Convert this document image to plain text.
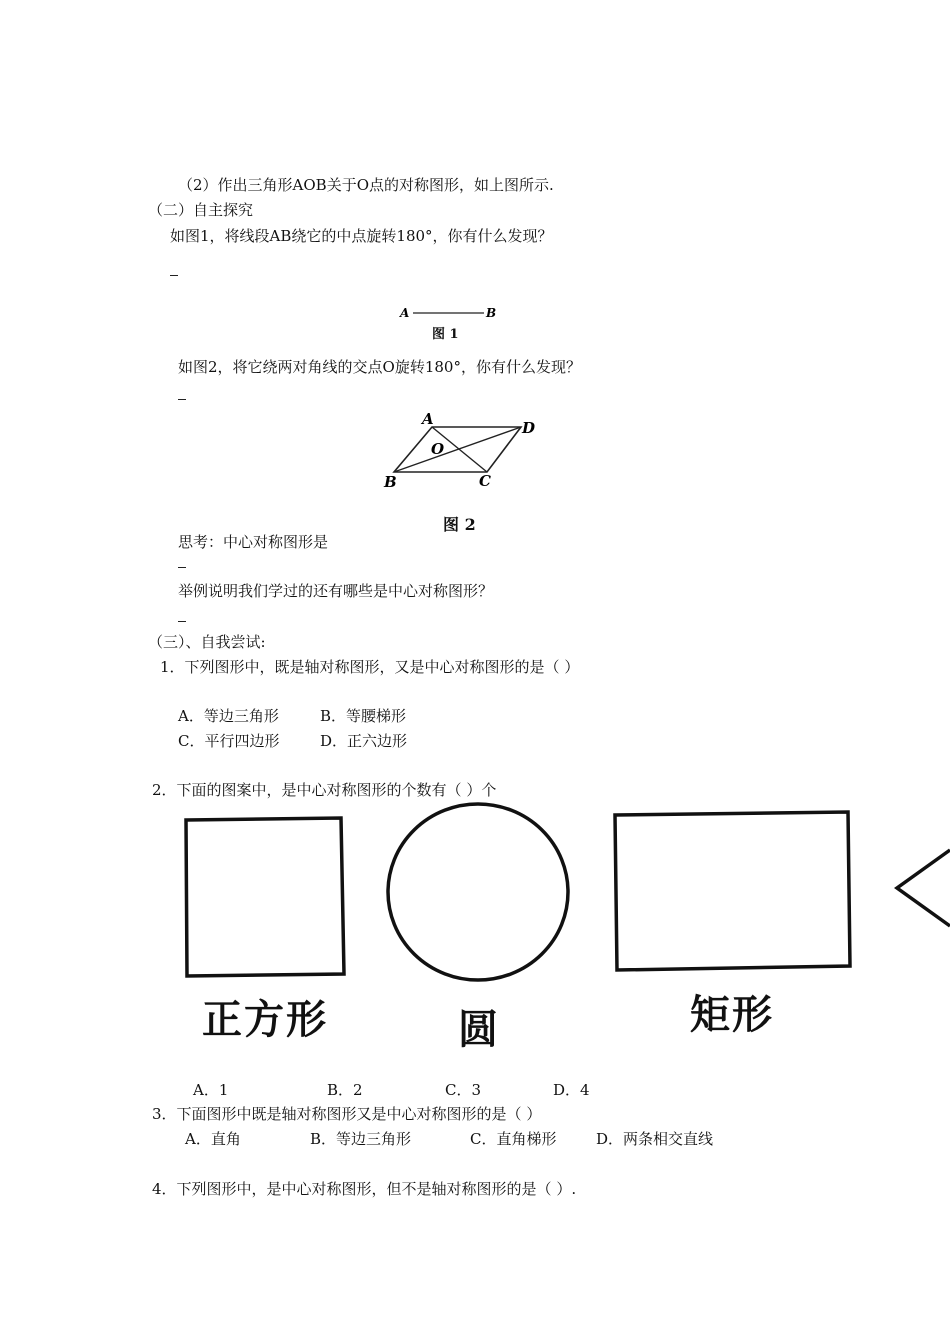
（2）作出三角形AOB关于O点的对称图形，如上图所示.
（二）自主探究
如图1，将线段AB绕它的中点旋转180°，你有什么发现？
A	B
图 1
如图2，将它绕两对角线的交点O旋转180°，你有什么发现？
A	D
O
B	C
图 2
思考：中心对称图形是
举例说明我们学过的还有哪些是中心对称图形？
（三）、自我尝试:
1．下列图形中，既是轴对称图形，又是中心对称图形的是（ ）
A．等边三角形	B．等腰梯形
C．平行四边形	D．正六边形
2．下面的图案中，是中心对称图形的个数有（ ）个
正方形	圆	矩形
A．1	B．2	C．3	D．4
3．下面图形中既是轴对称图形又是中心对称图形的是（ ）
A．直角	B．等边三角形	C．直角梯形	D．两条相交直线
4．下列图形中，是中心对称图形，但不是轴对称图形的是（ ）.
